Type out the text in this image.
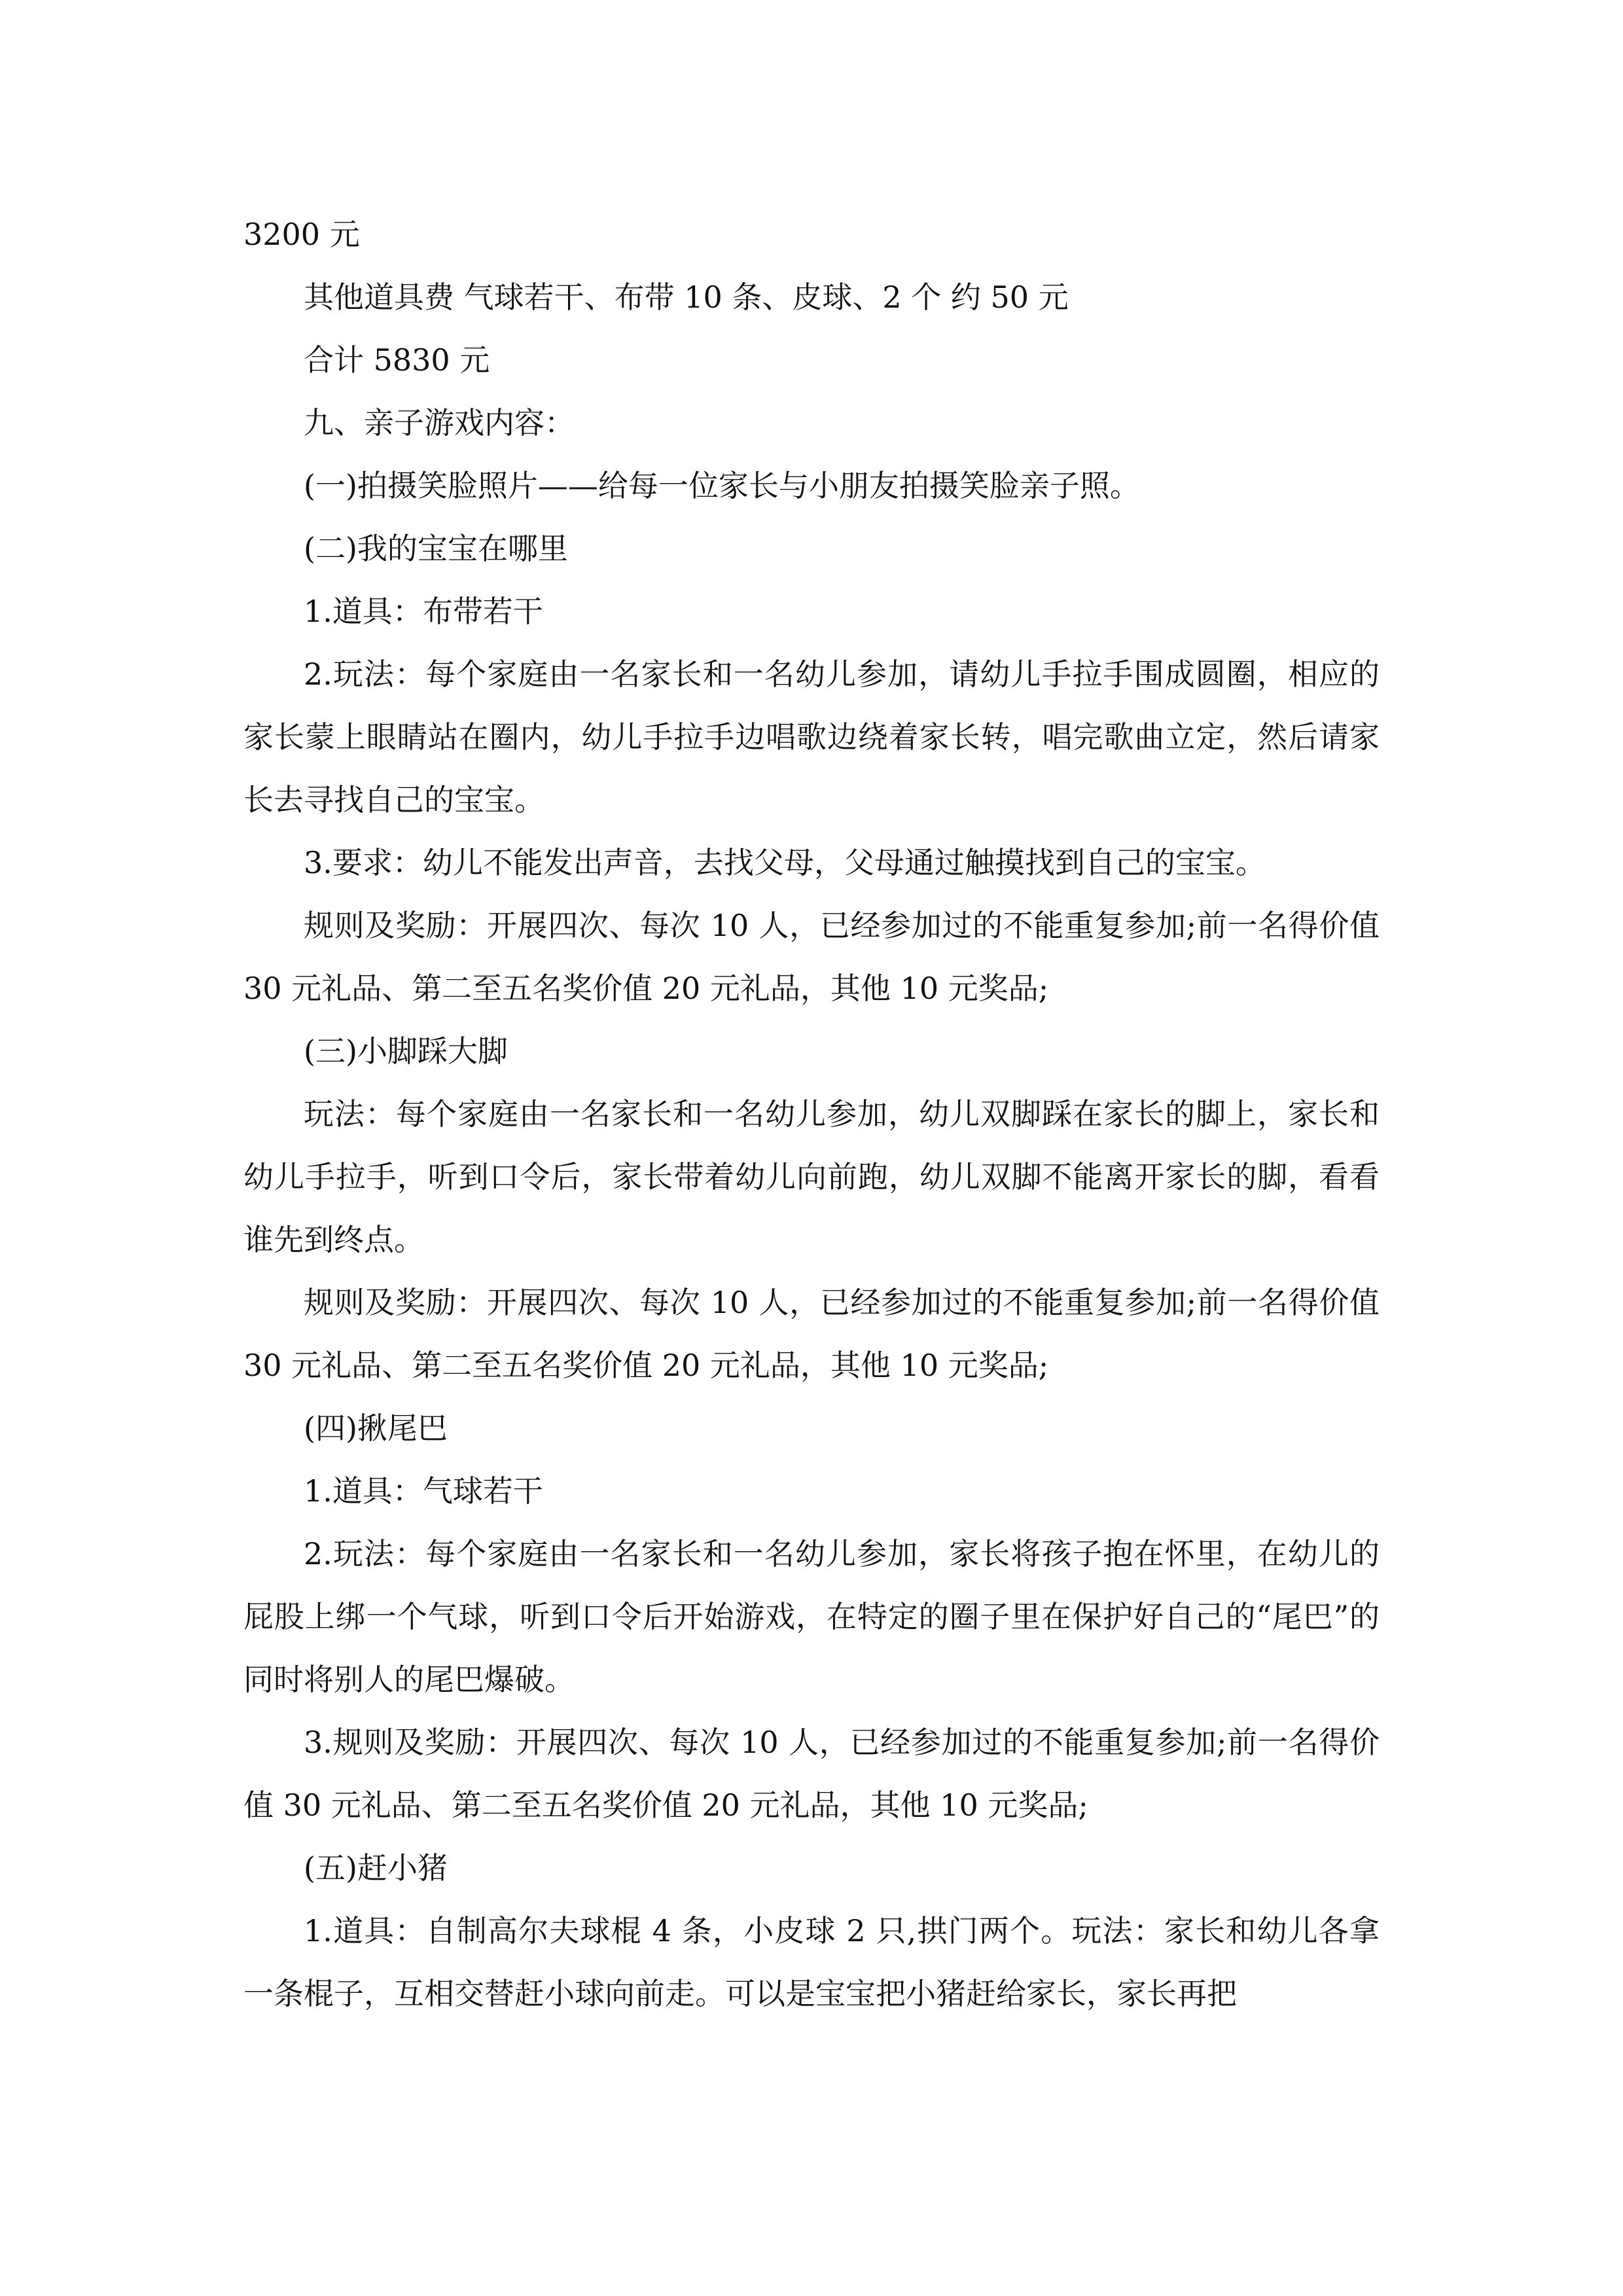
3200 元

其他道具费 气球若干、布带 10 条、皮球、2 个 约 50 元

合计 5830 元

九、亲子游戏内容：

(一)拍摄笑脸照片——给每一位家长与小朋友拍摄笑脸亲子照。

(二)我的宝宝在哪里

1.道具：布带若干

2.玩法：每个家庭由一名家长和一名幼儿参加，请幼儿手拉手围成圆圈，相应的家长蒙上眼睛站在圈内，幼儿手拉手边唱歌边绕着家长转，唱完歌曲立定，然后请家长去寻找自己的宝宝。

3.要求：幼儿不能发出声音，去找父母，父母通过触摸找到自己的宝宝。

规则及奖励：开展四次、每次 10 人，已经参加过的不能重复参加;前一名得价值 30 元礼品、第二至五名奖价值 20 元礼品，其他 10 元奖品;

(三)小脚踩大脚

玩法：每个家庭由一名家长和一名幼儿参加，幼儿双脚踩在家长的脚上，家长和幼儿手拉手，听到口令后，家长带着幼儿向前跑，幼儿双脚不能离开家长的脚，看看谁先到终点。

规则及奖励：开展四次、每次 10 人，已经参加过的不能重复参加;前一名得价值 30 元礼品、第二至五名奖价值 20 元礼品，其他 10 元奖品;

(四)揪尾巴

1.道具：气球若干

2.玩法：每个家庭由一名家长和一名幼儿参加，家长将孩子抱在怀里，在幼儿的屁股上绑一个气球，听到口令后开始游戏，在特定的圈子里在保护好自己的“尾巴”的同时将别人的尾巴爆破。

3.规则及奖励：开展四次、每次 10 人，已经参加过的不能重复参加;前一名得价值 30 元礼品、第二至五名奖价值 20 元礼品，其他 10 元奖品;

(五)赶小猪

1.道具：自制高尔夫球棍 4 条，小皮球 2 只,拱门两个。玩法：家长和幼儿各拿一条棍子，互相交替赶小球向前走。可以是宝宝把小猪赶给家长，家长再把
